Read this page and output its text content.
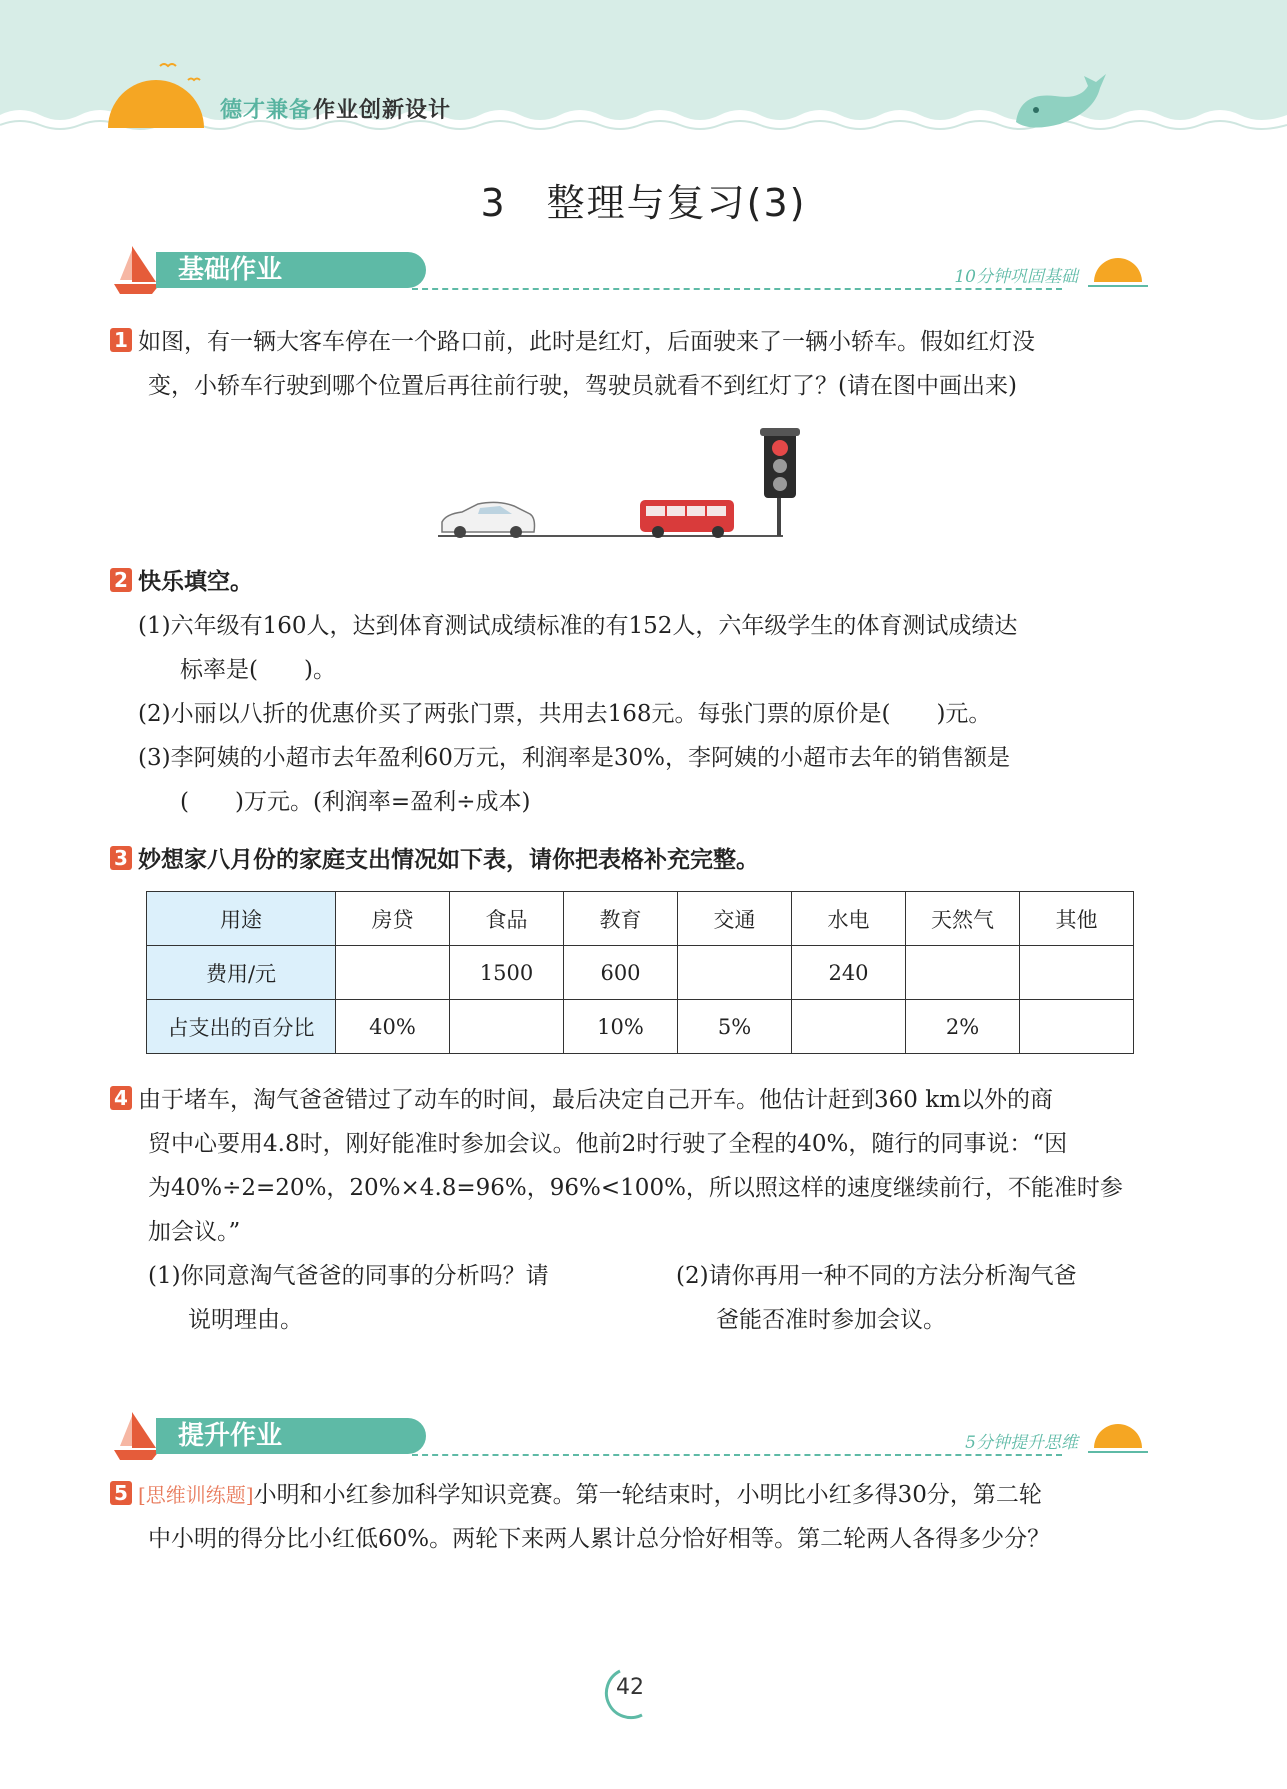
德才兼备 作业创新设计
3　整理与复习(3)
基础作业	10分钟巩固基础
1 如图，有一辆大客车停在一个路口前，此时是红灯，后面驶来了一辆小轿车。假如红灯没
变，小轿车行驶到哪个位置后再往前行驶，驾驶员就看不到红灯了？(请在图中画出来)
2 快乐填空。
(1)六年级有160人，达到体育测试成绩标准的有152人，六年级学生的体育测试成绩达
标率是(　　)。
(2)小丽以八折的优惠价买了两张门票，共用去168元。每张门票的原价是(　　)元。
(3)李阿姨的小超市去年盈利60万元，利润率是30%，李阿姨的小超市去年的销售额是
(　　)万元。(利润率=盈利÷成本)
3 妙想家八月份的家庭支出情况如下表，请你把表格补充完整。
用途	房贷	食品	教育	交通	水电	天然气	其他
费用/元		1500	600		240		
占支出的百分比	40%		10%	5%		2%	
4 由于堵车，淘气爸爸错过了动车的时间，最后决定自己开车。他估计赶到360 km以外的商
贸中心要用4.8时，刚好能准时参加会议。他前2时行驶了全程的40%，随行的同事说：“因
为40%÷2=20%，20%×4.8=96%，96%<100%，所以照这样的速度继续前行，不能准时参
加会议。”
(1)你同意淘气爸爸的同事的分析吗？请
说明理由。
(2)请你再用一种不同的方法分析淘气爸
爸能否准时参加会议。
提升作业	5分钟提升思维
5 [思维训练题]小明和小红参加科学知识竞赛。第一轮结束时，小明比小红多得30分，第二轮
中小明的得分比小红低60%。两轮下来两人累计总分恰好相等。第二轮两人各得多少分？
42
